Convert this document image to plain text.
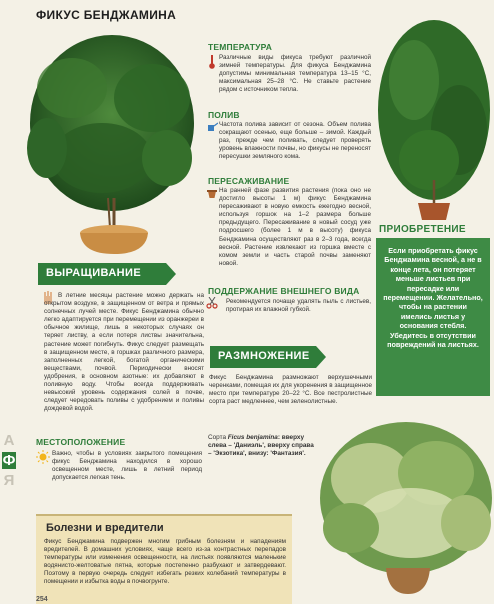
ФИКУС БЕНДЖАМИНА
ТЕМПЕРАТУРА
Различные виды фикуса требуют различной зимней температуры. Для фикуса Бенджамина допустимы минимальная температура 13–15 °С, максимальная 25–28 °С. Не ставьте растение рядом с источником тепла.
ПОЛИВ
Частота полива зависит от сезона. Объем полива сокращают осенью, еще больше – зимой. Каждый раз, прежде чем поливать, следует проверять уровень влажности почвы, но фикусы не переносят пересушки земляного кома.
ПЕРЕСАЖИВАНИЕ
На ранней фазе развития растения (пока оно не достигло высоты 1 м) фикус Бенджамина пересаживают в новую емкость ежегодно весной, используя горшок на 1–2 размера больше предыдущего. Пересаживание в новый сосуд уже подросшего (более 1 м в высоту) фикуса Бенджамина осуществляют раз в 2–3 года, всегда весной. Растение извлекают из горшка вместе с комом земли и часть старой почвы заменяют новой.
ПОДДЕРЖАНИЕ ВНЕШНЕГО ВИДА
Рекомендуется почаще удалять пыль с листьев, протирая их влажной губкой.
ПРИОБРЕТЕНИЕ
Если приобретать фикус Бенджамина весной, а не в конце лета, он потеряет меньше листьев при пересадке или перемещении. Желательно, чтобы на растении имелись листья у основания стебля. Убедитесь в отсутствии повреждений на листьях.
ВЫРАЩИВАНИЕ
В летние месяцы растение можно держать на открытом воздухе, в защищенном от ветра и прямых солнечных лучей месте. Фикус Бенджамина обычно легко адаптируется при перемещении из оранжереи в обычное жилище, лишь в некоторых случаях он теряет листву, а если потеря листвы значительна, растение может погибнуть. Фикус следует размещать в защищенном месте, в горшках различного размера, заполненных легкой, богатой органическими веществами, почвой. Периодически вносят удобрения, в основном азотные: их добавляют в поливную воду. Чтобы всегда поддерживать невысокий уровень содержания солей в почве, следует чередовать поливы с удобрением и поливы дождевой водой.
РАЗМНОЖЕНИЕ
Фикус Бенджамина размножают верхушечными черенками, помещая их для укоренения в защищенное место при температуре 20–22 °С. Все пестролистные сорта раст медленнее, чем зеленолистные.
А
Ф
Я
МЕСТОПОЛОЖЕНИЕ
Важно, чтобы в условиях закрытого помещения фикус Бенджамина находился в хорошо освещенном месте, лишь в летний период допускается легкая тень.
Сорта Ficus benjamina: вверху слева – 'Даниэль', вверху справа – 'Экзотика', внизу: 'Фантазия'.
Болезни и вредители
Фикус Бенджамина подвержен многим грибным болезням и нападениям вредителей. В домашних условиях, чаще всего из-за контрастных перепадов температуры или изменения освещенности, на листьях появляются маленькие водянисто-желтоватые пятна, которые постепенно разбухают и затвердевают. Поэтому в первую очередь следует избегать резких колебаний температуры в помещении и избытка воды в почвогрунте.
254
